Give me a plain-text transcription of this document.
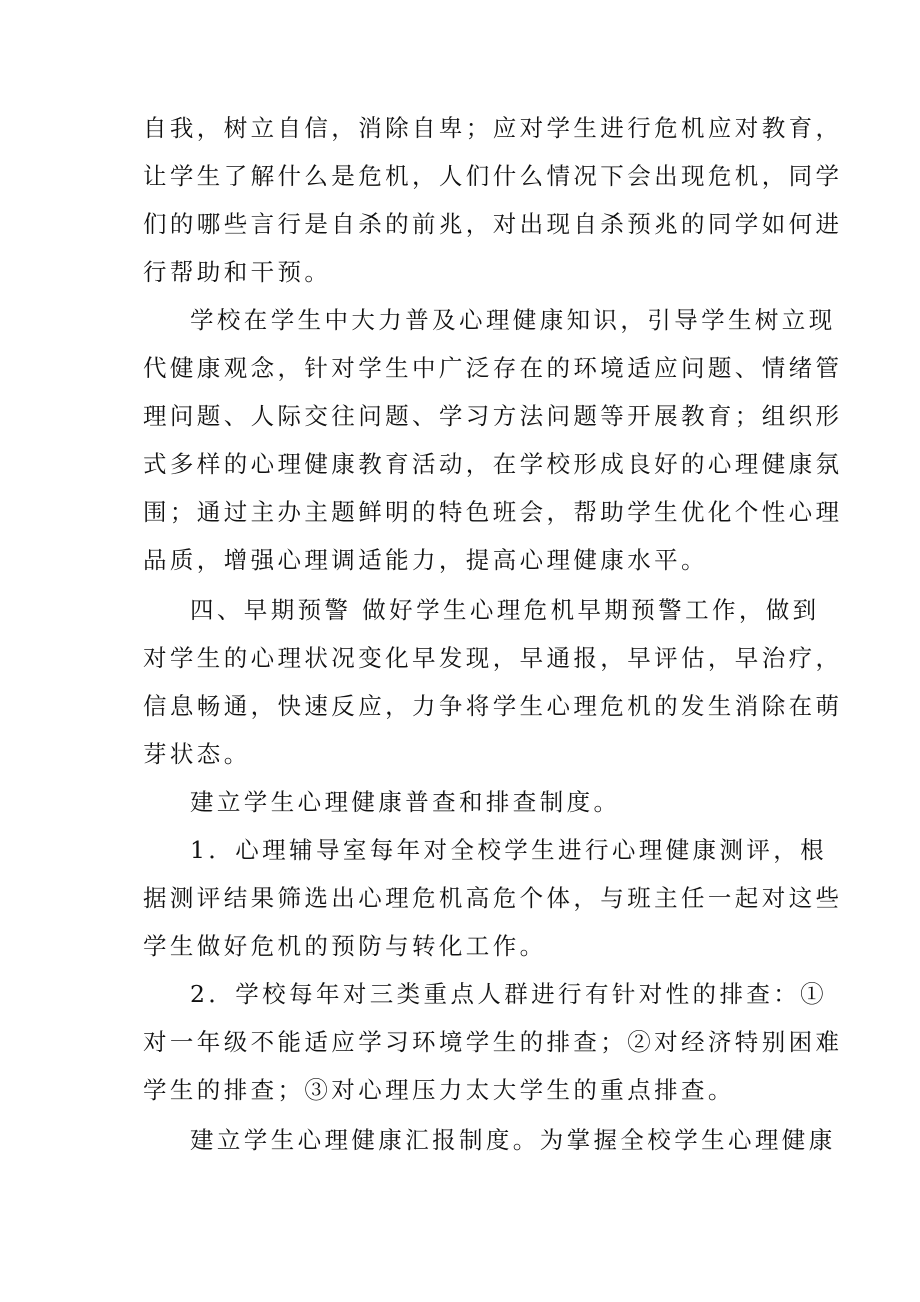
自我，树立自信，消除自卑；应对学生进行危机应对教育，
让学生了解什么是危机，人们什么情况下会出现危机，同学
们的哪些言行是自杀的前兆，对出现自杀预兆的同学如何进
行帮助和干预。
学校在学生中大力普及心理健康知识，引导学生树立现
代健康观念，针对学生中广泛存在的环境适应问题、情绪管
理问题、人际交往问题、学习方法问题等开展教育；组织形
式多样的心理健康教育活动，在学校形成良好的心理健康氛
围；通过主办主题鲜明的特色班会，帮助学生优化个性心理
品质，增强心理调适能力，提高心理健康水平。
四、早期预警 做好学生心理危机早期预警工作，做到
对学生的心理状况变化早发现，早通报，早评估，早治疗，
信息畅通，快速反应，力争将学生心理危机的发生消除在萌
芽状态。
建立学生心理健康普查和排查制度。
1．心理辅导室每年对全校学生进行心理健康测评，根
据测评结果筛选出心理危机高危个体，与班主任一起对这些
学生做好危机的预防与转化工作。
2．学校每年对三类重点人群进行有针对性的排查：①
对一年级不能适应学习环境学生的排查；②对经济特别困难
学生的排查；③对心理压力太大学生的重点排查。
建立学生心理健康汇报制度。为掌握全校学生心理健康
